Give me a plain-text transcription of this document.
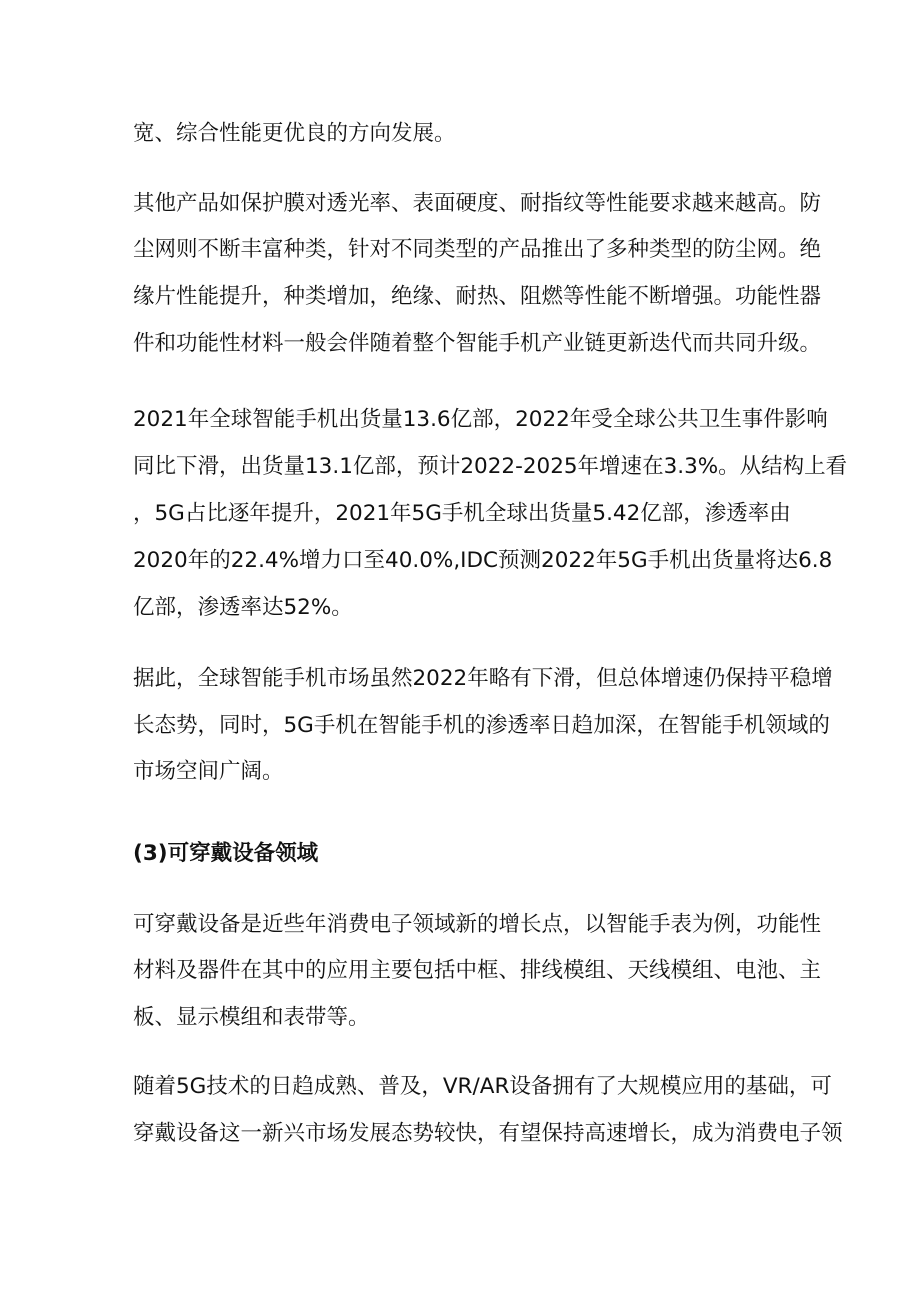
宽、综合性能更优良的方向发展。
其他产品如保护膜对透光率、表面硬度、耐指纹等性能要求越来越高。防
尘网则不断丰富种类，针对不同类型的产品推出了多种类型的防尘网。绝
缘片性能提升，种类增加，绝缘、耐热、阻燃等性能不断增强。功能性器
件和功能性材料一般会伴随着整个智能手机产业链更新迭代而共同升级。
2021年全球智能手机出货量13.6亿部，2022年受全球公共卫生事件影响
同比下滑，出货量13.1亿部，预计2022-2025年增速在3.3%。从结构上看
，5G占比逐年提升，2021年5G手机全球出货量5.42亿部，渗透率由
2020年的22.4%增力口至40.0%,IDC预测2022年5G手机出货量将达6.8
亿部，渗透率达52%。
据此，全球智能手机市场虽然2022年略有下滑，但总体增速仍保持平稳增
长态势，同时，5G手机在智能手机的渗透率日趋加深，在智能手机领域的
市场空间广阔。
(3)可穿戴设备领域
可穿戴设备是近些年消费电子领域新的增长点，以智能手表为例，功能性
材料及器件在其中的应用主要包括中框、排线模组、天线模组、电池、主
板、显示模组和表带等。
随着5G技术的日趋成熟、普及，VR/AR设备拥有了大规模应用的基础，可
穿戴设备这一新兴市场发展态势较快，有望保持高速增长，成为消费电子领
